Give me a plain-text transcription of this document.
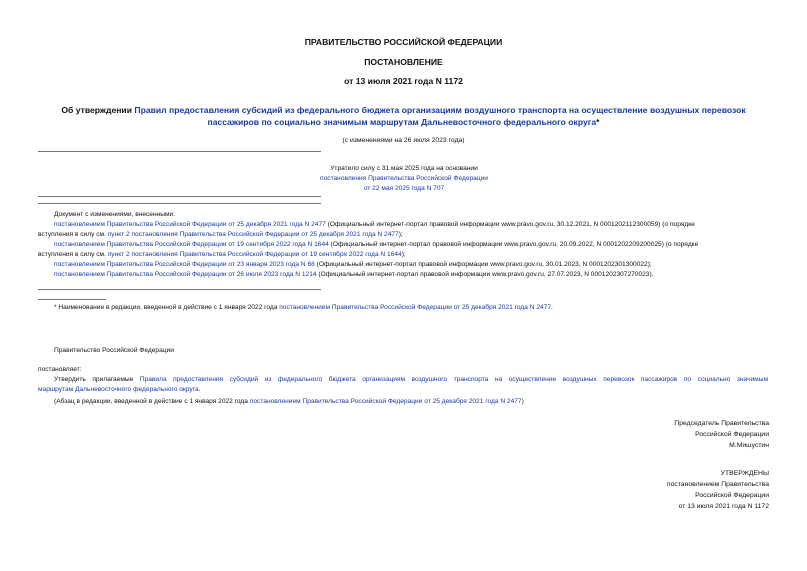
ПРАВИТЕЛЬСТВО РОССИЙСКОЙ ФЕДЕРАЦИИ
ПОСТАНОВЛЕНИЕ
от 13 июля 2021 года N 1172
Об утверждении Правил предоставления субсидий из федерального бюджета организациям воздушного транспорта на осуществление воздушных перевозок пассажиров по социально значимым маршрутам Дальневосточного федерального округа*
(с изменениями на 26 июля 2023 года)
Утратило силу с 31 мая 2025 года на основании
постановления Правительства Российской Федерации
от 22 мая 2025 года N 707
Документ с изменениями, внесенными:
постановлением Правительства Российской Федерации от 25 декабря 2021 года N 2477 (Официальный интернет-портал правовой информации www.pravo.gov.ru, 30.12.2021, N 0001202112300059) (о порядке
вступления в силу см. пункт 2 постановления Правительства Российской Федерации от 25 декабря 2021 года N 2477);
постановлением Правительства Российской Федерации от 19 сентября 2022 года N 1644 (Официальный интернет-портал правовой информации www.pravo.gov.ru, 20.09.2022, N 0001202209200025) (о порядке
вступления в силу см. пункт 2 постановления Правительства Российской Федерации от 19 сентября 2022 года N 1644);
постановлением Правительства Российской Федерации от 23 января 2023 года N 68 (Официальный интернет-портал правовой информации www.pravo.gov.ru, 30.01.2023, N 0001202301300022);
постановлением Правительства Российской Федерации от 26 июля 2023 года N 1214 (Официальный интернет-портал правовой информации www.pravo.gov.ru, 27.07.2023, N 0001202307270023).
* Наименование в редакции, введенной в действие с 1 января 2022 года постановлением Правительства Российской Федерации от 25 декабря 2021 года N 2477.
Правительство Российской Федерации
постановляет:
Утвердить прилагаемые Правила предоставления субсидий из федерального бюджета организациям воздушного транспорта на осуществление воздушных перевозок пассажиров по социально значимым
маршрутам Дальневосточного федерального округа.
(Абзац в редакции, введенной в действие с 1 января 2022 года постановлением Правительства Российской Федерации от 25 декабря 2021 года N 2477)
Председатель Правительства
Российской Федерации
М.Мишустин
УТВЕРЖДЕНЫ
постановлением Правительства
Российской Федерации
от 13 июля 2021 года N 1172
